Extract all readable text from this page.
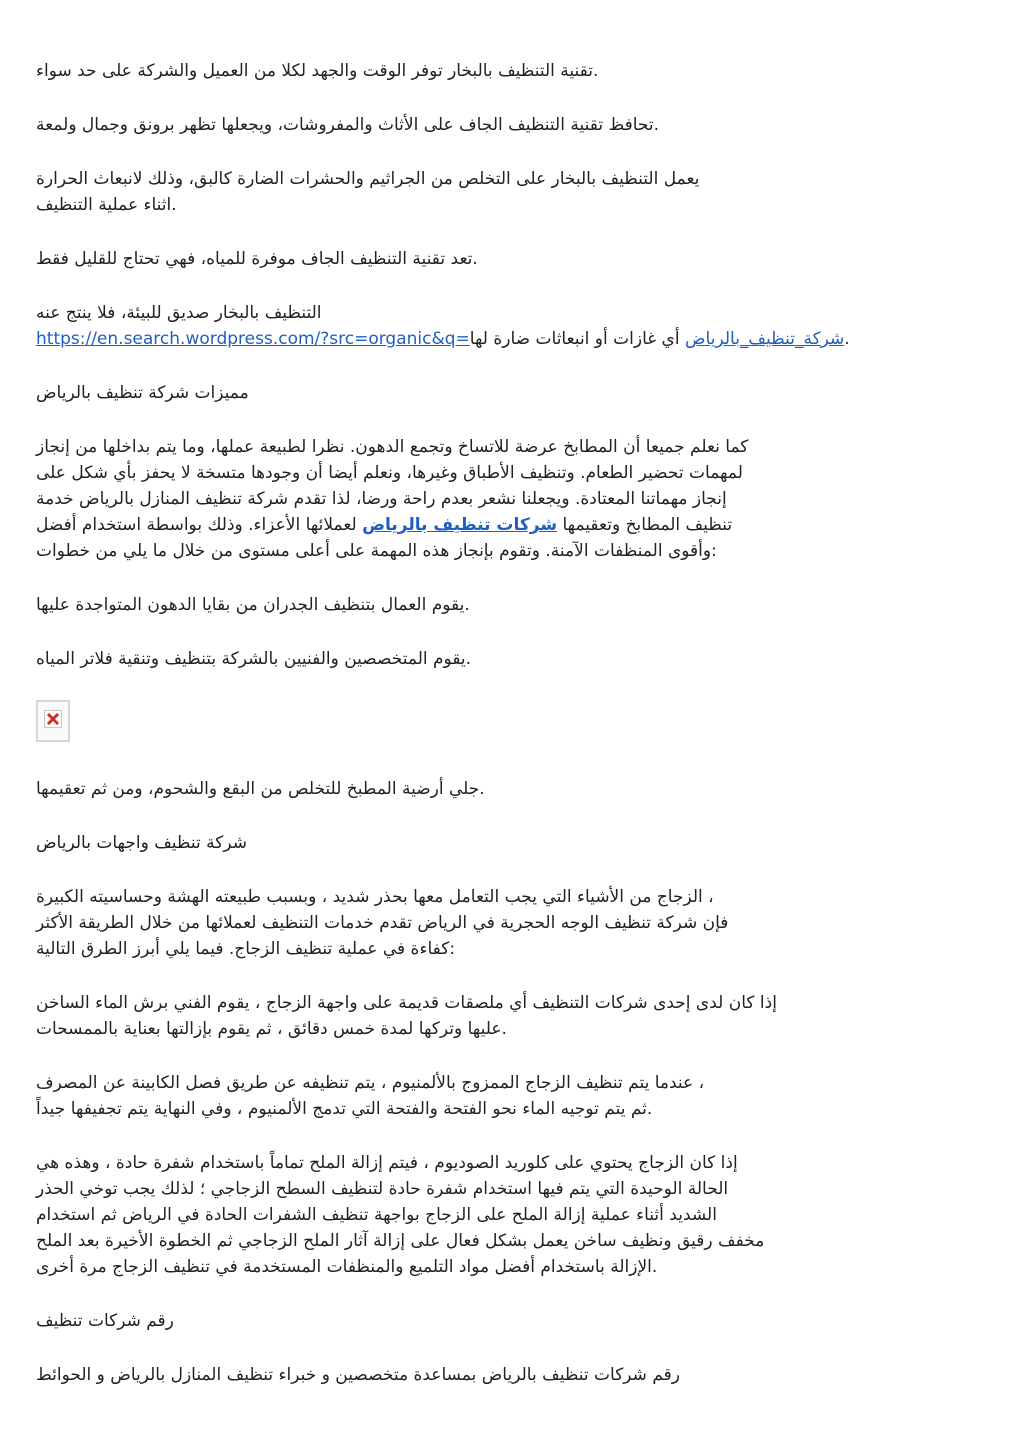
تقنية التنظيف بالبخار توفر الوقت والجهد لكلا من العميل والشركة على حد سواء.

تحافظ تقنية التنظيف الجاف على الأثاث والمفروشات، ويجعلها تظهر برونق وجمال ولمعة.

يعمل التنظيف بالبخار على التخلص من الجراثيم والحشرات الضارة كالبق، وذلك لانبعاث الحرارة
اثناء عملية التنظيف.

تعد تقنية التنظيف الجاف موفرة للمياه، فهي تحتاج للقليل فقط.

التنظيف بالبخار صديق للبيئة، فلا ينتج عنه
https://en.search.wordpress.com/?src=organic&q=شركة_تنظيف_بالرياض أي غازات أو انبعاثات ضارة لها.

مميزات شركة تنظيف بالرياض

كما نعلم جميعا أن المطابخ عرضة للاتساخ وتجمع الدهون. نظرا لطبيعة عملها، وما يتم بداخلها من إنجاز
لمهمات تحضير الطعام. وتنظيف الأطباق وغيرها، ونعلم أيضا أن وجودها متسخة لا يحفز بأي شكل على
إنجاز مهماتنا المعتادة. ويجعلنا نشعر بعدم راحة ورضا، لذا تقدم شركة تنظيف المنازل بالرياض خدمة
تنظيف المطابخ وتعقيمها شركات تنظيف بالرياض لعملائها الأعزاء. وذلك بواسطة استخدام أفضل
وأقوى المنظفات الآمنة. وتقوم بإنجاز هذه المهمة على أعلى مستوى من خلال ما يلي من خطوات:

يقوم العمال بتنظيف الجدران من بقايا الدهون المتواجدة عليها.

يقوم المتخصصين والفنيين بالشركة بتنظيف وتنقية فلاتر المياه.

جلي أرضية المطبخ للتخلص من البقع والشحوم، ومن ثم تعقيمها.

شركة تنظيف واجهات بالرياض

الزجاج من الأشياء التي يجب التعامل معها بحذر شديد ، وبسبب طبيعته الهشة وحساسيته الكبيرة ،
فإن شركة تنظيف الوجه الحجرية في الرياض تقدم خدمات التنظيف لعملائها من خلال الطريقة الأكثر
كفاءة في عملية تنظيف الزجاج. فيما يلي أبرز الطرق التالية:

إذا كان لدى إحدى شركات التنظيف أي ملصقات قديمة على واجهة الزجاج ، يقوم الفني برش الماء الساخن
عليها وتركها لمدة خمس دقائق ، ثم يقوم بإزالتها بعناية بالممسحات.

عندما يتم تنظيف الزجاج الممزوج بالألمنيوم ، يتم تنظيفه عن طريق فصل الكابينة عن المصرف ،
ثم يتم توجيه الماء نحو الفتحة والفتحة التي تدمج الألمنيوم ، وفي النهاية يتم تجفيفها جيداً.

إذا كان الزجاج يحتوي على كلوريد الصوديوم ، فيتم إزالة الملح تماماً باستخدام شفرة حادة ، وهذه هي
الحالة الوحيدة التي يتم فيها استخدام شفرة حادة لتنظيف السطح الزجاجي ؛ لذلك يجب توخي الحذر
الشديد أثناء عملية إزالة الملح على الزجاج بواجهة تنظيف الشفرات الحادة في الرياض ثم استخدام
مخفف رقيق ونظيف ساخن يعمل بشكل فعال على إزالة آثار الملح الزجاجي ثم الخطوة الأخيرة بعد الملح
الإزالة باستخدام أفضل مواد التلميع والمنظفات المستخدمة في تنظيف الزجاج مرة أخرى.

رقم شركات تنظيف

رقم شركات تنظيف بالرياض بمساعدة متخصصين و خبراء تنظيف المنازل بالرياض و الحوائط
